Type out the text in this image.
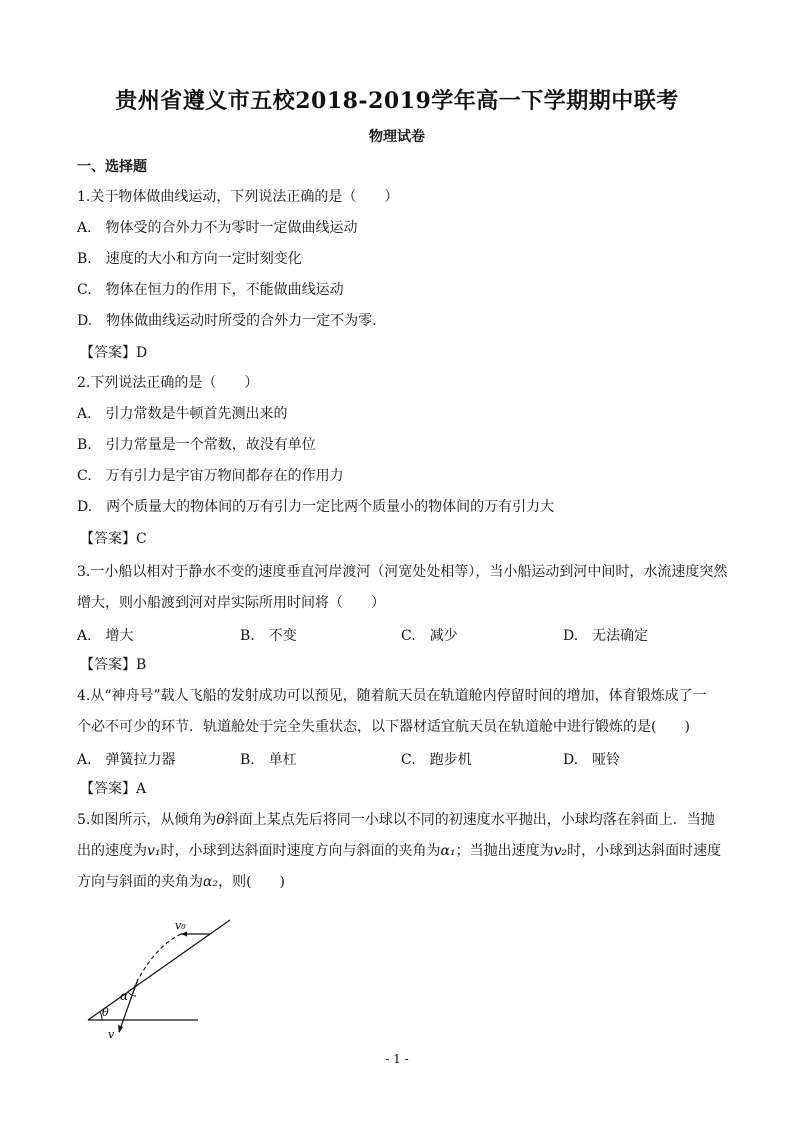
贵州省遵义市五校2018-2019学年高一下学期期中联考
物理试卷
一、选择题
1.关于物体做曲线运动，下列说法正确的是（　　）
A.　物体受的合外力不为零时一定做曲线运动
B.　速度的大小和方向一定时刻变化
C.　物体在恒力的作用下，不能做曲线运动
D.　物体做曲线运动时所受的合外力一定不为零.
【答案】D
2.下列说法正确的是（　　）
A.　引力常数是牛顿首先测出来的
B.　引力常量是一个常数，故没有单位
C.　万有引力是宇宙万物间都存在的作用力
D.　两个质量大的物体间的万有引力一定比两个质量小的物体间的万有引力大
【答案】C
3.一小船以相对于静水不变的速度垂直河岸渡河（河宽处处相等），当小船运动到河中间时，水流速度突然
增大，则小船渡到河对岸实际所用时间将（　　）
A.　增大	B.　不变	C.　减少	D.　无法确定
【答案】B
4.从“神舟号”载人飞船的发射成功可以预见，随着航天员在轨道舱内停留时间的增加，体育锻炼成了一
个必不可少的环节．轨道舱处于完全失重状态，以下器材适宜航天员在轨道舱中进行锻炼的是(　　)
A.　弹簧拉力器	B.　单杠	C.　跑步机	D.　哑铃
【答案】A
5.如图所示，从倾角为θ斜面上某点先后将同一小球以不同的初速度水平抛出，小球均落在斜面上．当抛
出的速度为v₁时，小球到达斜面时速度方向与斜面的夹角为α₁；当抛出速度为v₂时，小球到达斜面时速度
方向与斜面的夹角为α₂，则(　　)
v₀
α
θ
v
- 1 -
